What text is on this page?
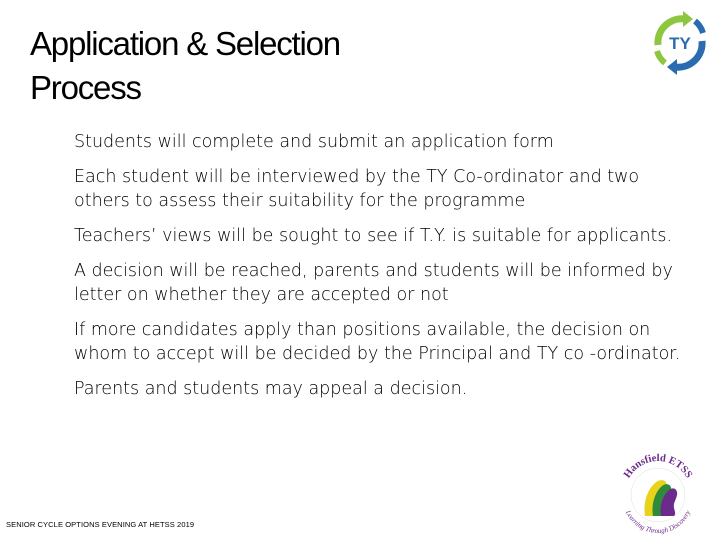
Application & Selection
Process
TY
Students will complete and submit an application form
Each student will be interviewed by the TY Co-ordinator and two others to assess their suitability for the programme
Teachers’ views will be sought to see if T.Y. is suitable for applicants.
A decision will be reached, parents and students will be informed by letter on whether they are accepted or not
If more candidates apply than positions available, the decision on whom to accept will be decided by the Principal and TY co -ordinator.
Parents and students may appeal a decision.
Hansfield ETSS
Learning Through Discovery
SENIOR CYCLE OPTIONS EVENING AT HETSS 2019
